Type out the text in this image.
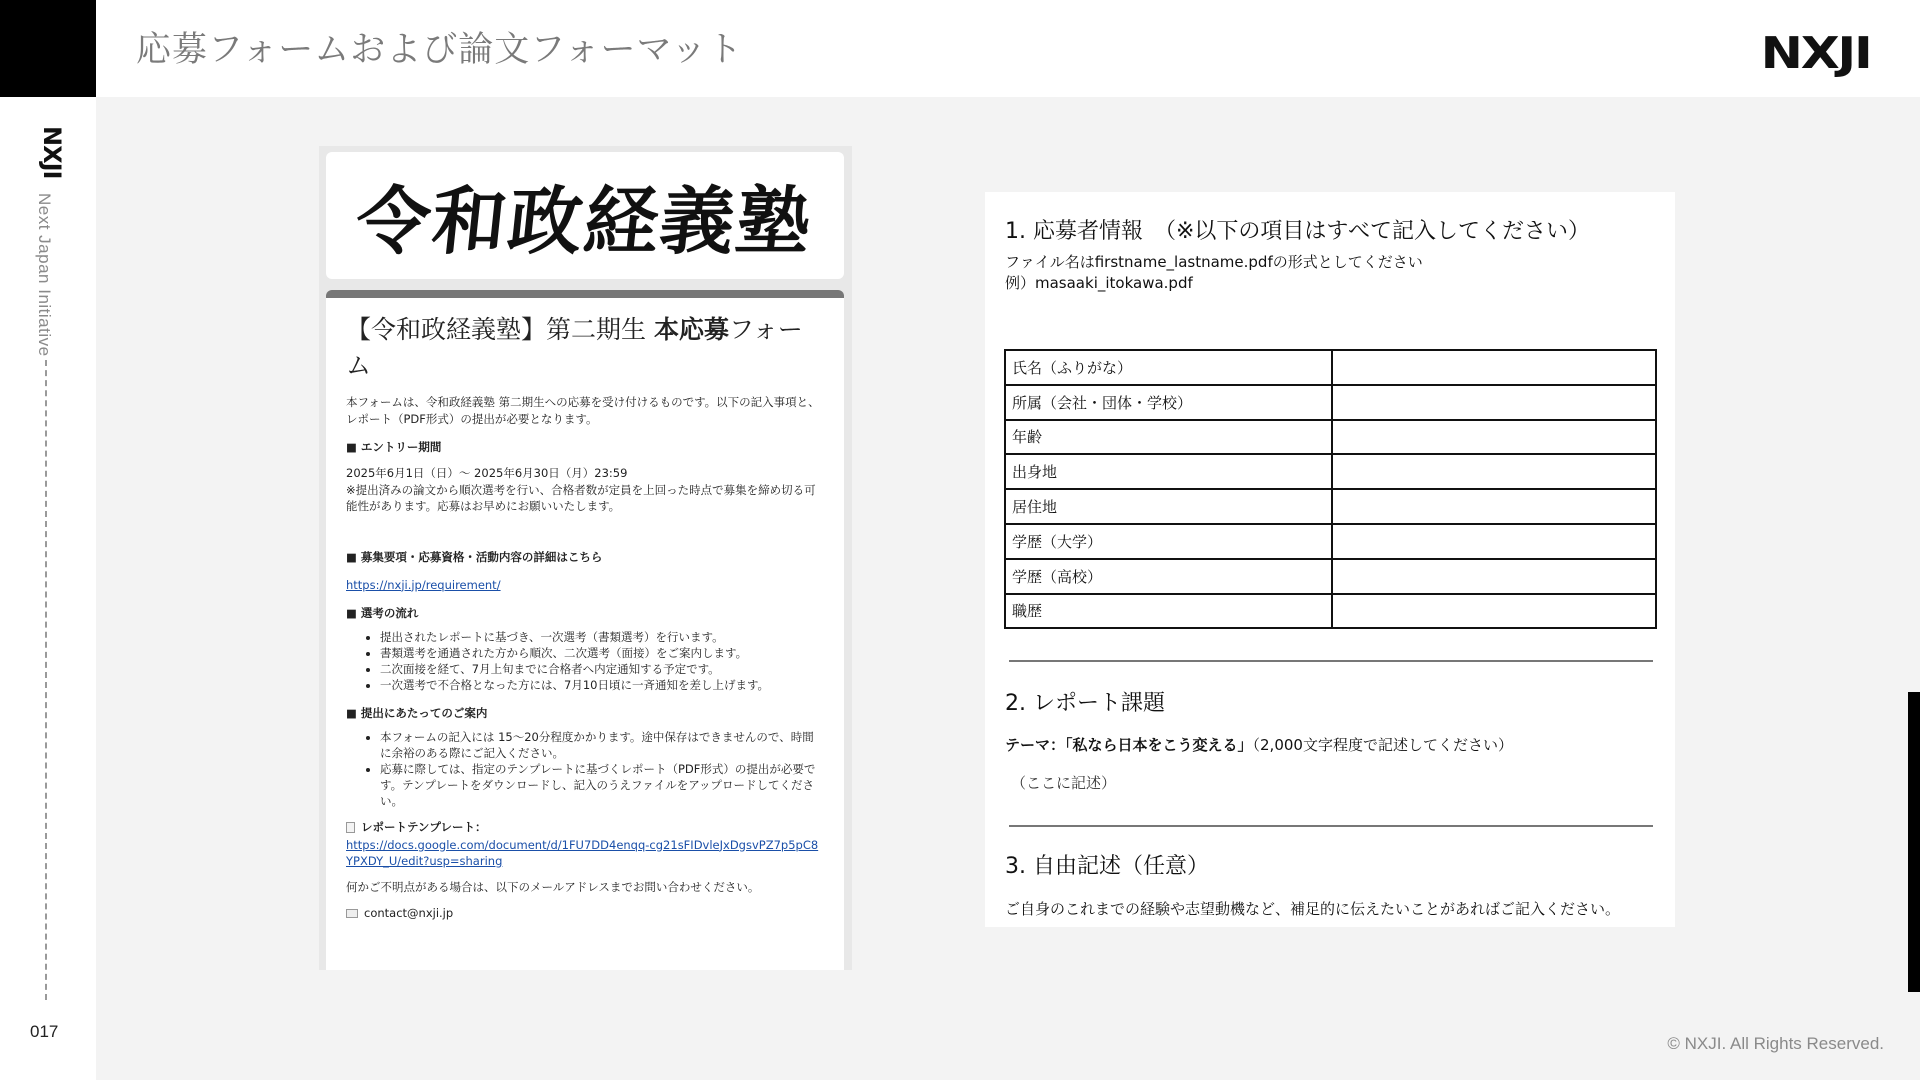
応募フォームおよび論文フォーマット	NXJI
NXJI
Next Japan Initiative
017
© NXJI. All Rights Reserved.
令和政経義塾
【令和政経義塾】第二期生 本応募フォーム

本フォームは、令和政経義塾 第二期生への応募を受け付けるものです。以下の記入事項と、レポート（PDF形式）の提出が必要となります。

■ エントリー期間

2025年6月1日（日）～ 2025年6月30日（月）23:59

※提出済みの論文から順次選考を行い、合格者数が定員を上回った時点で募集を締め切る可能性があります。応募はお早めにお願いいたします。

■ 募集要項・応募資格・活動内容の詳細はこちら

https://nxji.jp/requirement/

■ 選考の流れ

• 提出されたレポートに基づき、一次選考（書類選考）を行います。
• 書類選考を通過された方から順次、二次選考（面接）をご案内します。
• 二次面接を経て、7月上旬までに合格者へ内定通知する予定です。
• 一次選考で不合格となった方には、7月10日頃に一斉通知を差し上げます。

■ 提出にあたってのご案内

• 本フォームの記入には 15〜20分程度かかります。途中保存はできませんので、時間に余裕のある際にご記入ください。
• 応募に際しては、指定のテンプレートに基づくレポート（PDF形式）の提出が必要です。テンプレートをダウンロードし、記入のうえファイルをアップロードしてください。

レポートテンプレート：

https://docs.google.com/document/d/1FU7DD4enqq-cg21sFIDvleJxDgsvPZ7p5pC8YPXDY_U/edit?usp=sharing

何かご不明点がある場合は、以下のメールアドレスまでお問い合わせください。

contact@nxji.jp

1. 応募者情報　（※以下の項目はすべて記入してください）
ファイル名はfirstname_lastname.pdfの形式としてください
例）masaaki_itokawa.pdf
氏名（ふりがな）	
所属（会社・団体・学校）	
年齢	
出身地	
居住地	
学歴（大学）	
学歴（高校）	
職歴	
2. レポート課題
テーマ：「私なら日本をこう変える」（2,000文字程度で記述してください）
（ここに記述）
3. 自由記述（任意）
ご自身のこれまでの経験や志望動機など、補足的に伝えたいことがあればご記入ください。
